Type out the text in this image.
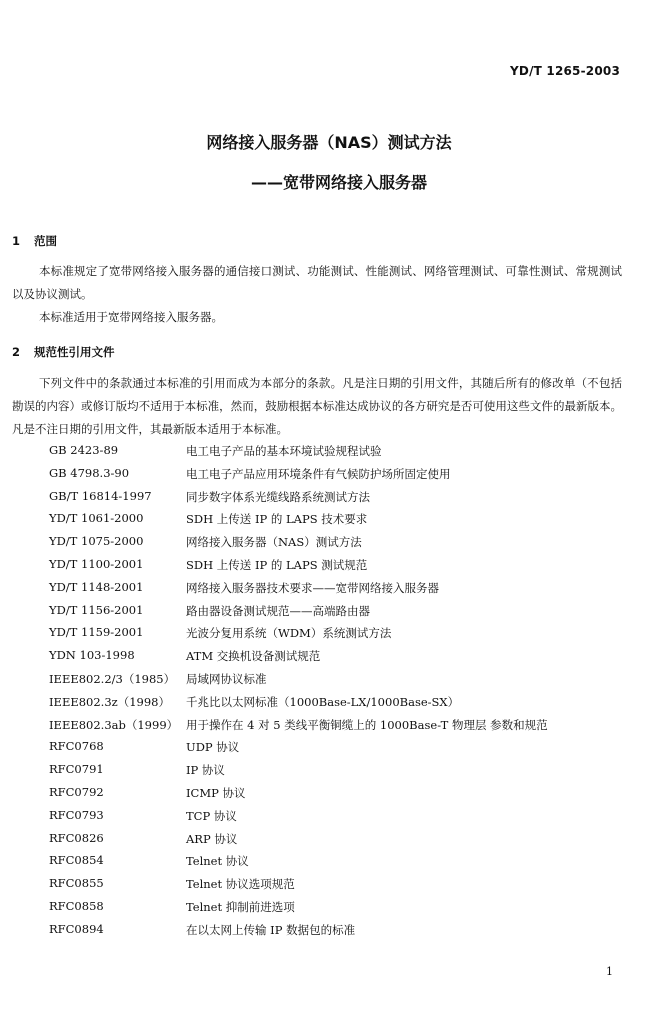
YD/T 1265-2003
网络接入服务器（NAS）测试方法
——宽带网络接入服务器
1 范围
本标准规定了宽带网络接入服务器的通信接口测试、功能测试、性能测试、网络管理测试、可靠性测试、常规测试以及协议测试。
本标准适用于宽带网络接入服务器。
2 规范性引用文件
下列文件中的条款通过本标准的引用而成为本部分的条款。凡是注日期的引用文件，其随后所有的修改单（不包括勘误的内容）或修订版均不适用于本标准，然而，鼓励根据本标准达成协议的各方研究是否可使用这些文件的最新版本。凡是不注日期的引用文件，其最新版本适用于本标准。
GB 2423-89	电工电子产品的基本环境试验规程试验
GB 4798.3-90	电工电子产品应用环境条件有气候防护场所固定使用
GB/T 16814-1997	同步数字体系光缆线路系统测试方法
YD/T 1061-2000	SDH 上传送 IP 的 LAPS 技术要求
YD/T 1075-2000	网络接入服务器（NAS）测试方法
YD/T 1100-2001	SDH 上传送 IP 的 LAPS 测试规范
YD/T 1148-2001	网络接入服务器技术要求——宽带网络接入服务器
YD/T 1156-2001	路由器设备测试规范——高端路由器
YD/T 1159-2001	光波分复用系统（WDM）系统测试方法
YDN 103-1998	ATM 交换机设备测试规范
IEEE802.2/3（1985） 局域网协议标准
IEEE802.3z（1998） 千兆比以太网标准（1000Base-LX/1000Base-SX）
IEEE802.3ab（1999） 用于操作在 4 对 5 类线平衡铜缆上的 1000Base-T 物理层 参数和规范
RFC0768	UDP 协议
RFC0791	IP 协议
RFC0792	ICMP 协议
RFC0793	TCP 协议
RFC0826	ARP 协议
RFC0854	Telnet 协议
RFC0855	Telnet 协议选项规范
RFC0858	Telnet 抑制前进选项
RFC0894	在以太网上传输 IP 数据包的标准
1
